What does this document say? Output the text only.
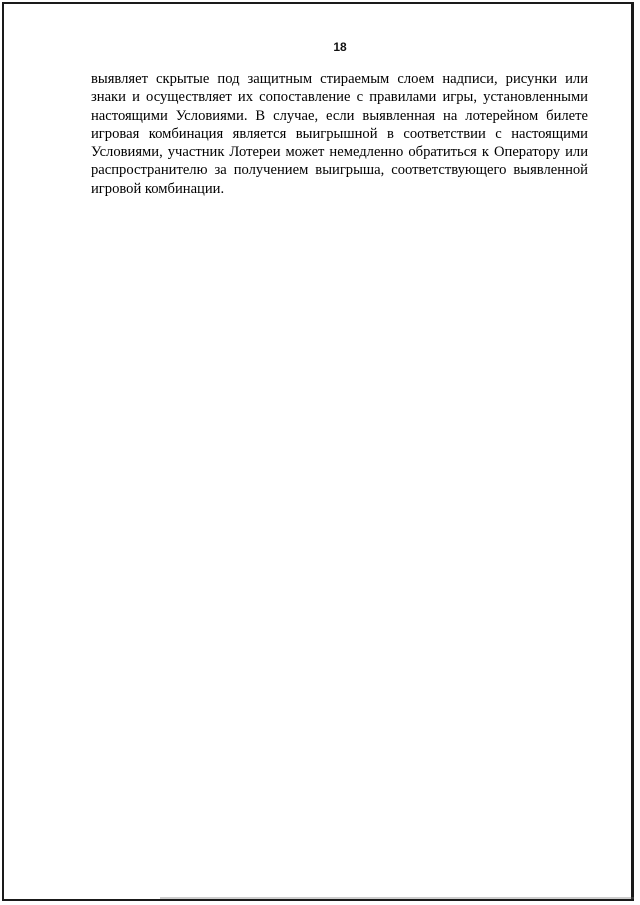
18

выявляет скрытые под защитным стираемым слоем надписи, рисунки или
знаки и осуществляет их сопоставление с правилами игры, установленными
настоящими Условиями. В случае, если выявленная на лотерейном билете
игровая комбинация является выигрышной в соответствии с настоящими
Условиями, участник Лотереи может немедленно обратиться к Оператору или
распространителю за получением выигрыша, соответствующего выявленной
игровой комбинации.
